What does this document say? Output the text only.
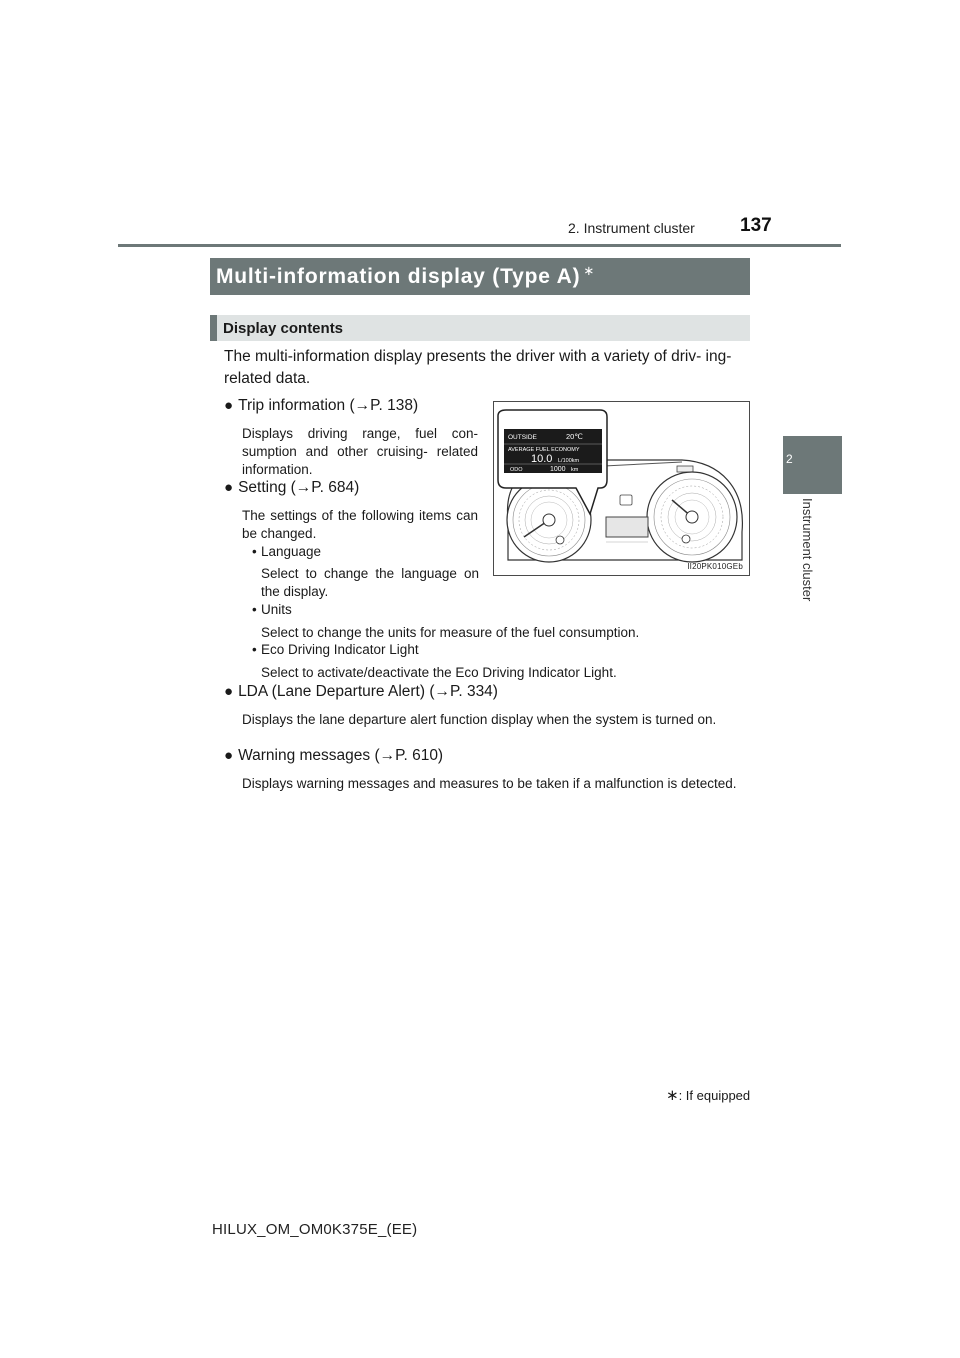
2. Instrument cluster 137
2
Instrument cluster
Multi-information display (Type A) ∗
Display contents
The multi-information display presents the driver with a variety of driv- ing-related data.
● Trip information (→P. 138)
Displays driving range, fuel con- sumption and other cruising- related information.
● Setting (→P. 684)
The settings of the following items can be changed.
• Language
Select to change the language on the display.
• Units
Select to change the units for measure of the fuel consumption.
• Eco Driving Indicator Light
Select to activate/deactivate the Eco Driving Indicator Light.
● LDA (Lane Departure Alert) (→P. 334)
Displays the lane departure alert function display when the system is turned on.
● Warning messages (→P. 610)
Displays warning messages and measures to be taken if a malfunction is detected.
OUTSIDE	20℃
AVERAGE FUEL ECONOMY
10.0 L/100km
ODO	1000 km
II20PK010GEb
∗: If equipped
HILUX_OM_OM0K375E_(EE)
